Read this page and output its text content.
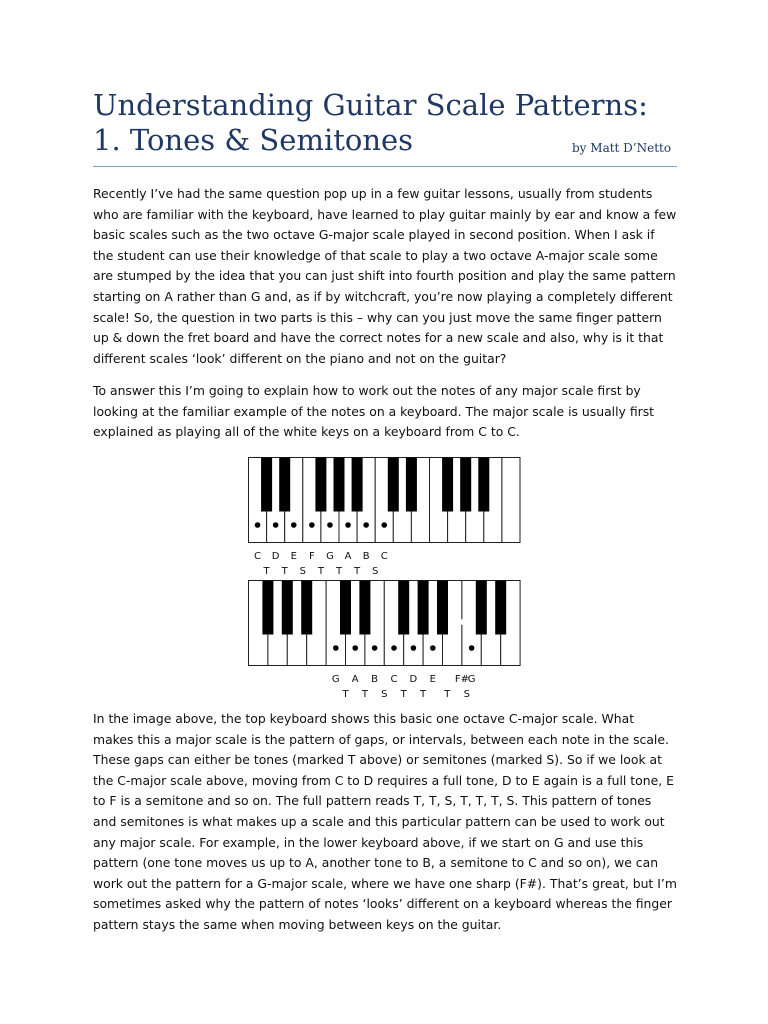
Understanding Guitar Scale Patterns:
1. Tones & Semitones	by Matt D’Netto

Recently I’ve had the same question pop up in a few guitar lessons, usually from students who are familiar with the keyboard, have learned to play guitar mainly by ear and know a few basic scales such as the two octave G-major scale played in second position. When I ask if the student can use their knowledge of that scale to play a two octave A-major scale some are stumped by the idea that you can just shift into fourth position and play the same pattern starting on A rather than G and, as if by witchcraft, you’re now playing a completely different scale! So, the question in two parts is this – why can you just move the same finger pattern up & down the fret board and have the correct notes for a new scale and also, why is it that different scales ‘look’ different on the piano and not on the guitar?

To answer this I’m going to explain how to work out the notes of any major scale first by looking at the familiar example of the notes on a keyboard. The major scale is usually first explained as playing all of the white keys on a keyboard from C to C.

C D E F G A B C
T T S T T T S
G A B C D E F#
G
T T S T T T S

In the image above, the top keyboard shows this basic one octave C-major scale. What makes this a major scale is the pattern of gaps, or intervals, between each note in the scale. These gaps can either be tones (marked T above) or semitones (marked S). So if we look at the C-major scale above, moving from C to D requires a full tone, D to E again is a full tone, E to F is a semitone and so on. The full pattern reads T, T, S, T, T, T, S. This pattern of tones and semitones is what makes up a scale and this particular pattern can be used to work out any major scale. For example, in the lower keyboard above, if we start on G and use this pattern (one tone moves us up to A, another tone to B, a semitone to C and so on), we can work out the pattern for a G-major scale, where we have one sharp (F#). That’s great, but I’m sometimes asked why the pattern of notes ‘looks’ different on a keyboard whereas the finger pattern stays the same when moving between keys on the guitar.
